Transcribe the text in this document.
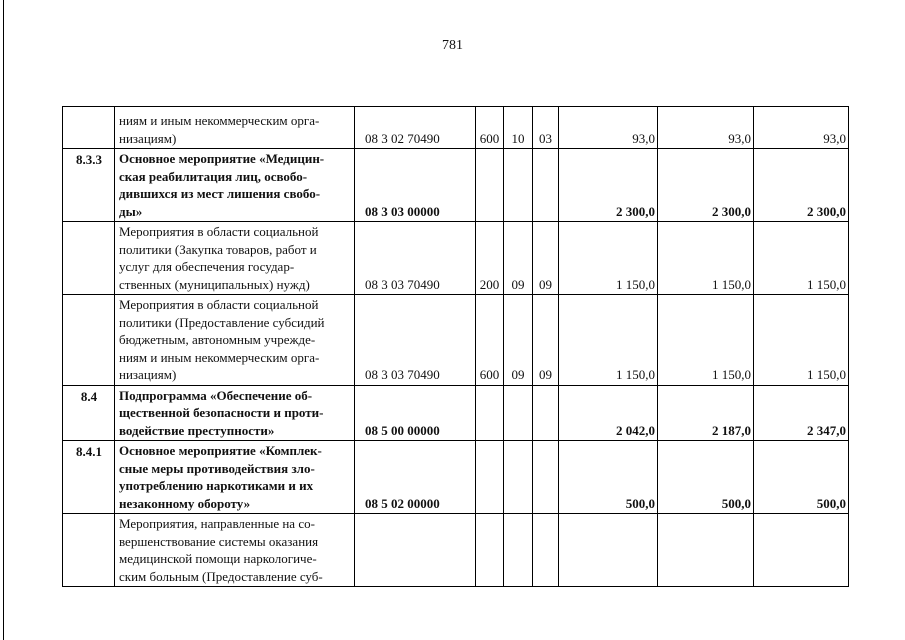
781

	ниям и иным некоммерческим орга-
низациям)	08 3 02 70490	600	10	03	93,0	93,0	93,0
8.3.3	Основное мероприятие «Медицин-
ская реабилитация лиц, освобо-
дившихся из мест лишения свобо-
ды»	08 3 03 00000				2 300,0	2 300,0	2 300,0

	Мероприятия в области социальной
политики (Закупка товаров, работ и
услуг для обеспечения государ-
ственных (муниципальных) нужд)	08 3 03 70490	200	09	09	1 150,0	1 150,0	1 150,0

	Мероприятия в области социальной
политики (Предоставление субсидий
бюджетным, автономным учрежде-
ниям и иным некоммерческим орга-
низациям)	08 3 03 70490	600	09	09	1 150,0	1 150,0	1 150,0
8.4	Подпрограмма «Обеспечение об-
щественной безопасности и проти-
водействие преступности»	08 5 00 00000				2 042,0	2 187,0	2 347,0
8.4.1	Основное мероприятие «Комплек-
сные меры противодействия зло-
употреблению наркотиками и их
незаконному обороту»	08 5 02 00000				500,0	500,0	500,0

	Мероприятия, направленные на со-
вершенствование системы оказания
медицинской помощи наркологиче-
ским больным (Предоставление суб-							
